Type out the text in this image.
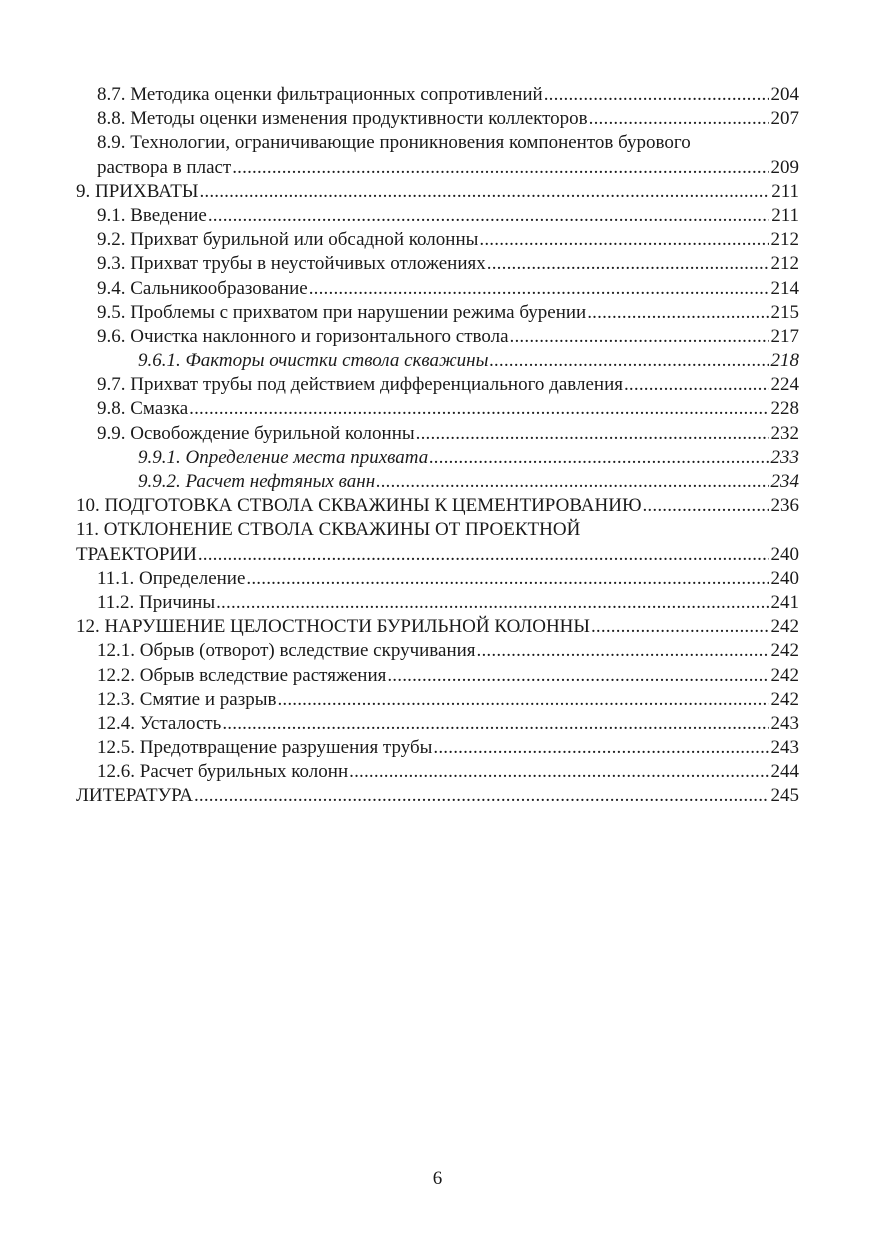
8.7. Методика оценки фильтрационных сопротивлений .....	204
8.8. Методы оценки изменения продуктивности коллекторов .....	207
8.9. Технологии, ограничивающие проникновения компонентов бурового
раствора в пласт .....	209
9. ПРИХВАТЫ .....	211
9.1. Введение .....	211
9.2. Прихват бурильной или обсадной колонны .....	212
9.3. Прихват трубы в неустойчивых отложениях .....	212
9.4. Сальникообразование .....	214
9.5. Проблемы с прихватом при нарушении режима бурении .....	215
9.6. Очистка наклонного и горизонтального ствола .....	217
9.6.1. Факторы очистки ствола скважины .....	218
9.7. Прихват трубы под действием дифференциального давления .....	224
9.8. Смазка .....	228
9.9. Освобождение бурильной колонны .....	232
9.9.1. Определение места прихвата .....	233
9.9.2. Расчет нефтяных ванн .....	234
10. ПОДГОТОВКА СТВОЛА СКВАЖИНЫ К ЦЕМЕНТИРОВАНИЮ .....	236
11. ОТКЛОНЕНИЕ СТВОЛА СКВАЖИНЫ ОТ ПРОЕКТНОЙ
ТРАЕКТОРИИ .....	240
11.1. Определение .....	240
11.2. Причины .....	241
12. НАРУШЕНИЕ ЦЕЛОСТНОСТИ БУРИЛЬНОЙ КОЛОННЫ .....	242
12.1. Обрыв (отворот) вследствие скручивания .....	242
12.2. Обрыв вследствие растяжения .....	242
12.3. Смятие и разрыв .....	242
12.4. Усталость .....	243
12.5. Предотвращение разрушения трубы .....	243
12.6. Расчет бурильных колонн .....	244
ЛИТЕРАТУРА .....	245
6
